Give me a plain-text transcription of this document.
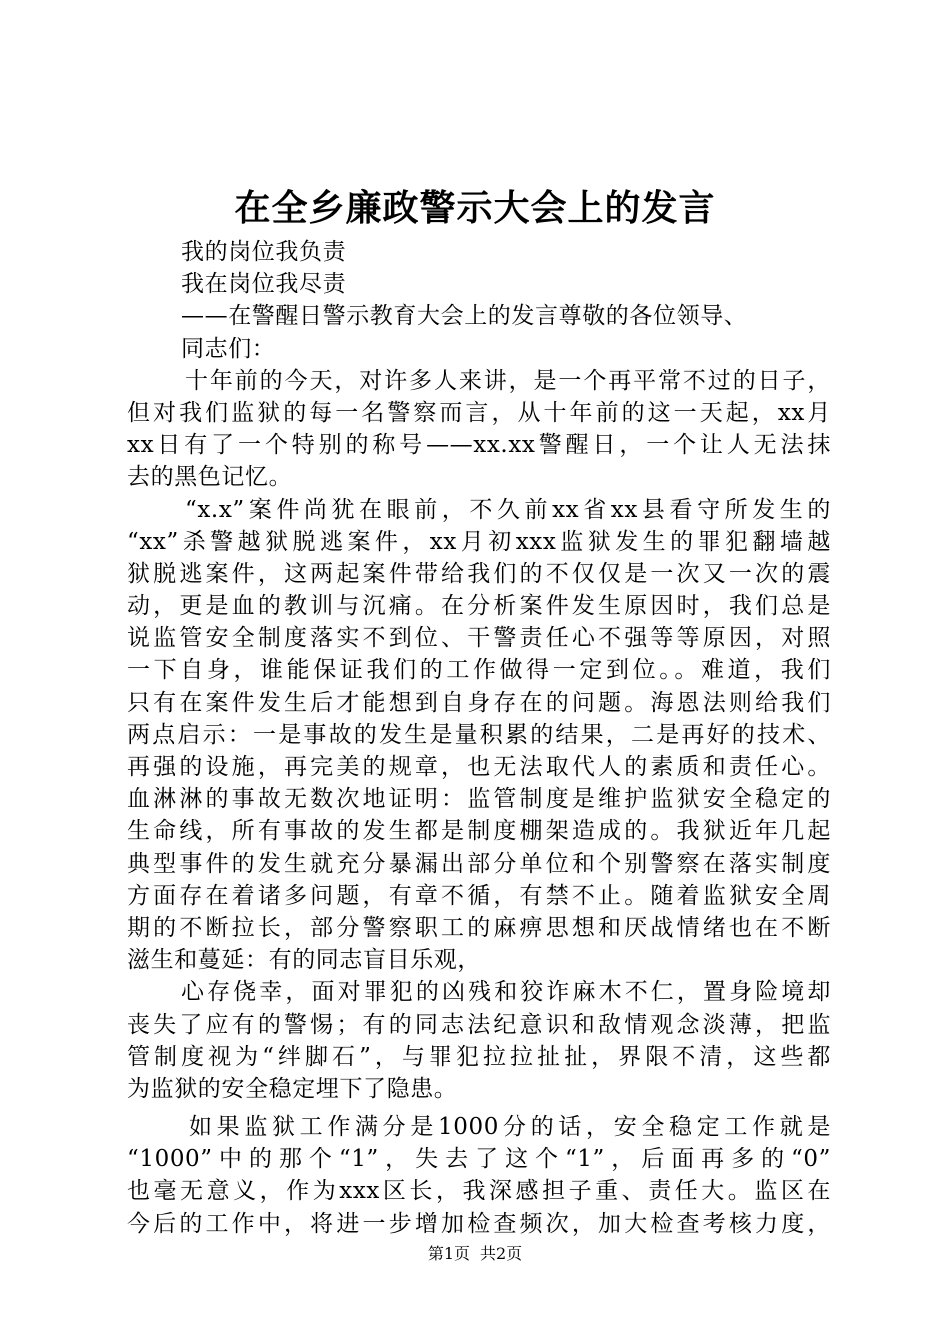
在全乡廉政警示大会上的发言
我的岗位我负责
我在岗位我尽责
——在警醒日警示教育大会上的发言尊敬的各位领导、
同志们：
十年前的今天，对许多人来讲，是一个再平常不过的日子，
但对我们监狱的每一名警察而言，从十年前的这一天起，xx月
xx日有了一个特别的称号——xx.xx警醒日，一个让人无法抹
去的黑色记忆。
“x.x”案件尚犹在眼前，不久前xx省xx县看守所发生的
“xx”杀警越狱脱逃案件，xx月初xxx监狱发生的罪犯翻墙越
狱脱逃案件，这两起案件带给我们的不仅仅是一次又一次的震
动，更是血的教训与沉痛。在分析案件发生原因时，我们总是
说监管安全制度落实不到位、干警责任心不强等等原因，对照
一下自身，谁能保证我们的工作做得一定到位。。难道，我们
只有在案件发生后才能想到自身存在的问题。海恩法则给我们
两点启示：一是事故的发生是量积累的结果，二是再好的技术、
再强的设施，再完美的规章，也无法取代人的素质和责任心。
血淋淋的事故无数次地证明：监管制度是维护监狱安全稳定的
生命线，所有事故的发生都是制度棚架造成的。我狱近年几起
典型事件的发生就充分暴漏出部分单位和个别警察在落实制度
方面存在着诸多问题，有章不循，有禁不止。随着监狱安全周
期的不断拉长，部分警察职工的麻痹思想和厌战情绪也在不断
滋生和蔓延：有的同志盲目乐观，
心存侥幸，面对罪犯的凶残和狡诈麻木不仁，置身险境却
丧失了应有的警惕；有的同志法纪意识和敌情观念淡薄，把监
管制度视为“绊脚石”，与罪犯拉拉扯扯，界限不清，这些都
为监狱的安全稳定埋下了隐患。
如果监狱工作满分是1000分的话，安全稳定工作就是
“1000”中的那个“1”，失去了这个“1”，后面再多的“0”
也毫无意义，作为xxx区长，我深感担子重、责任大。监区在
今后的工作中，将进一步增加检查频次，加大检查考核力度，
第1页 共2页
